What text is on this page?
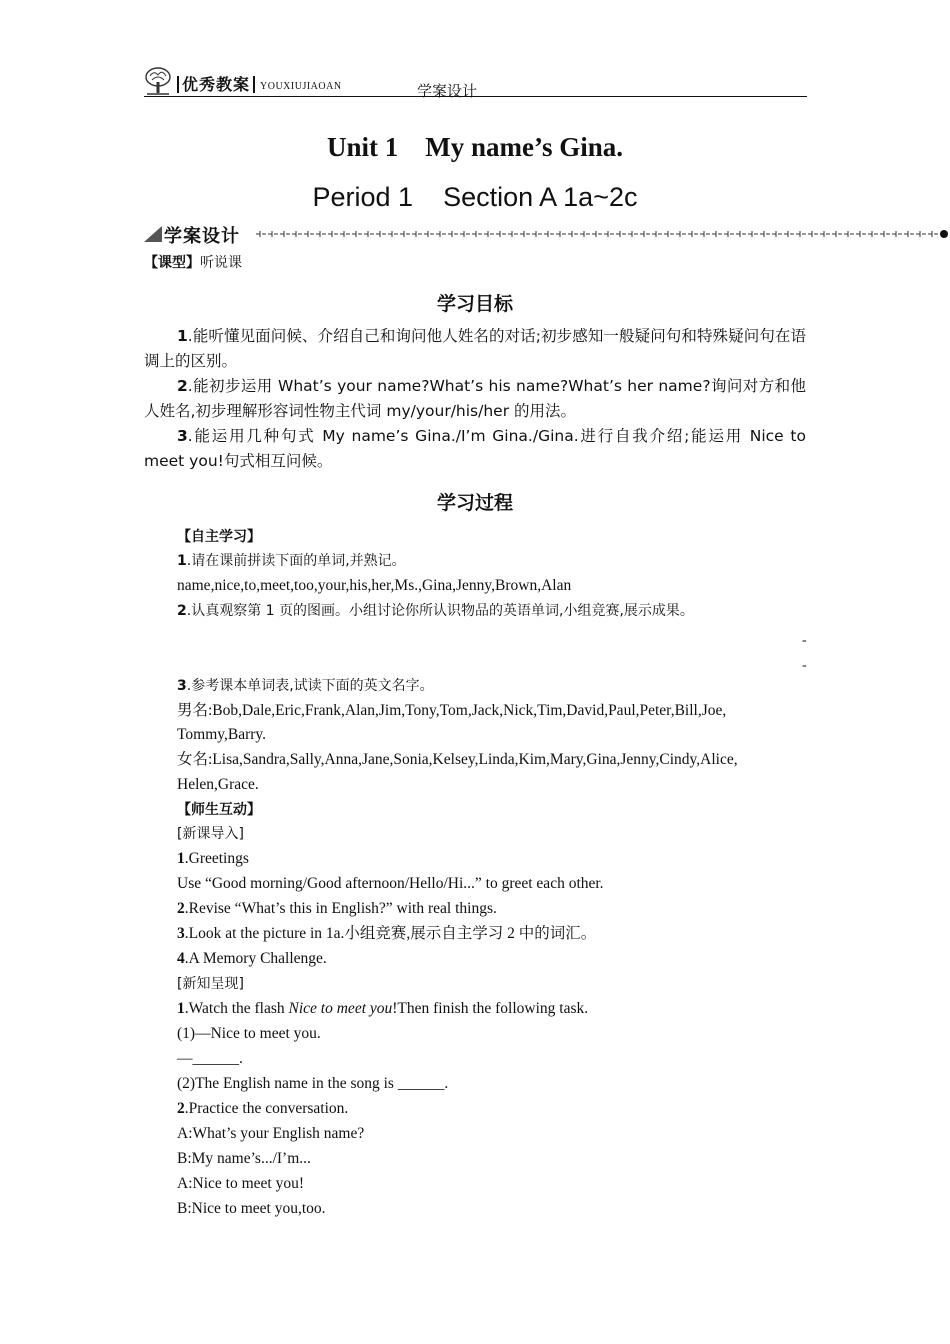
优秀教案 YOUXIUJIAOAN	学案设计
Unit 1    My name’s Gina.
Period 1    Section A 1a~2c
学案设计
【课型】听说课
学习目标
1.能听懂见面问候、介绍自己和询问他人姓名的对话;初步感知一般疑问句和特殊疑问句在语调上的区别。
2.能初步运用 What’s your name?What’s his name?What’s her name?询问对方和他人姓名,初步理解形容词性物主代词 my/your/his/her 的用法。
3.能运用几种句式 My name’s Gina./I’m Gina./Gina.进行自我介绍;能运用 Nice to meet you!句式相互问候。
学习过程
【自主学习】
1.请在课前拼读下面的单词,并熟记。
name,nice,to,meet,too,your,his,her,Ms.,Gina,Jenny,Brown,Alan
2.认真观察第 1 页的图画。小组讨论你所认识物品的英语单词,小组竞赛,展示成果。
-
-
3.参考课本单词表,试读下面的英文名字。
男名:Bob,Dale,Eric,Frank,Alan,Jim,Tony,Tom,Jack,Nick,Tim,David,Paul,Peter,Bill,Joe,
Tommy,Barry.
女名:Lisa,Sandra,Sally,Anna,Jane,Sonia,Kelsey,Linda,Kim,Mary,Gina,Jenny,Cindy,Alice,
Helen,Grace.
【师生互动】
[新课导入]
1.Greetings
Use “Good morning/Good afternoon/Hello/Hi...” to greet each other.
2.Revise “What’s this in English?” with real things.
3.Look at the picture in 1a.小组竞赛,展示自主学习 2 中的词汇。
4.A Memory Challenge.
[新知呈现]
1.Watch the flash Nice to meet you!Then finish the following task.
(1)—Nice to meet you.
—______.
(2)The English name in the song is ______.
2.Practice the conversation.
A:What’s your English name?
B:My name’s.../I’m...
A:Nice to meet you!
B:Nice to meet you,too.
